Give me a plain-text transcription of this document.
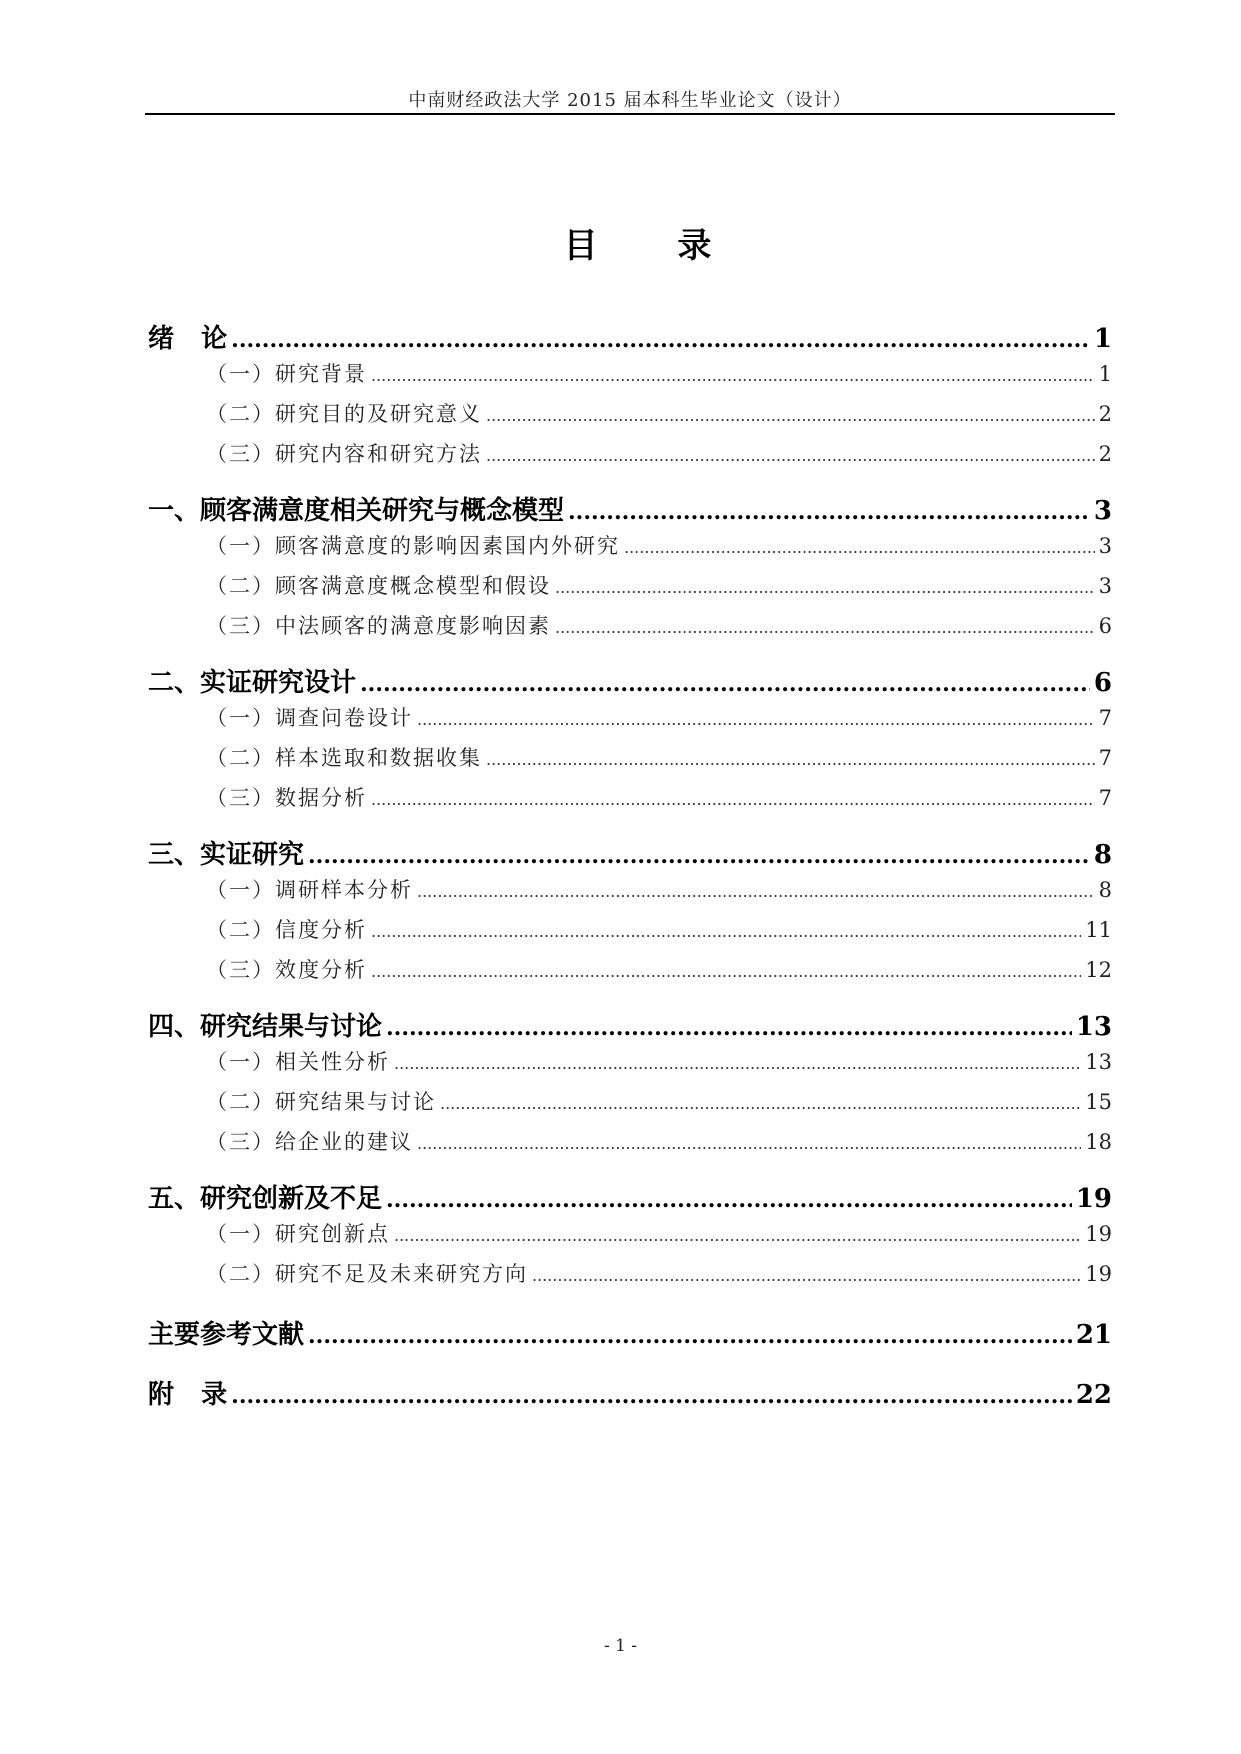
中南财经政法大学 2015 届本科生毕业论文（设计）
目 录
绪   论 .....	1
（一）研究背景 .....	1
（二）研究目的及研究意义 .....	2
（三）研究内容和研究方法 .....	2
一、顾客满意度相关研究与概念模型 .....	3
（一）顾客满意度的影响因素国内外研究 .....	3
（二）顾客满意度概念模型和假设 .....	3
（三）中法顾客的满意度影响因素 .....	6
二、实证研究设计 .....	6
（一）调查问卷设计 .....	7
（二）样本选取和数据收集 .....	7
（三）数据分析 .....	7
三、实证研究 .....	8
（一）调研样本分析 .....	8
（二）信度分析 .....	11
（三）效度分析 .....	12
四、研究结果与讨论 .....	13
（一）相关性分析 .....	13
（二）研究结果与讨论 .....	15
（三）给企业的建议 .....	18
五、研究创新及不足 .....	19
（一）研究创新点 .....	19
（二）研究不足及未来研究方向 .....	19
主要参考文献 .....	21
附   录 .....	22
- 1 -
